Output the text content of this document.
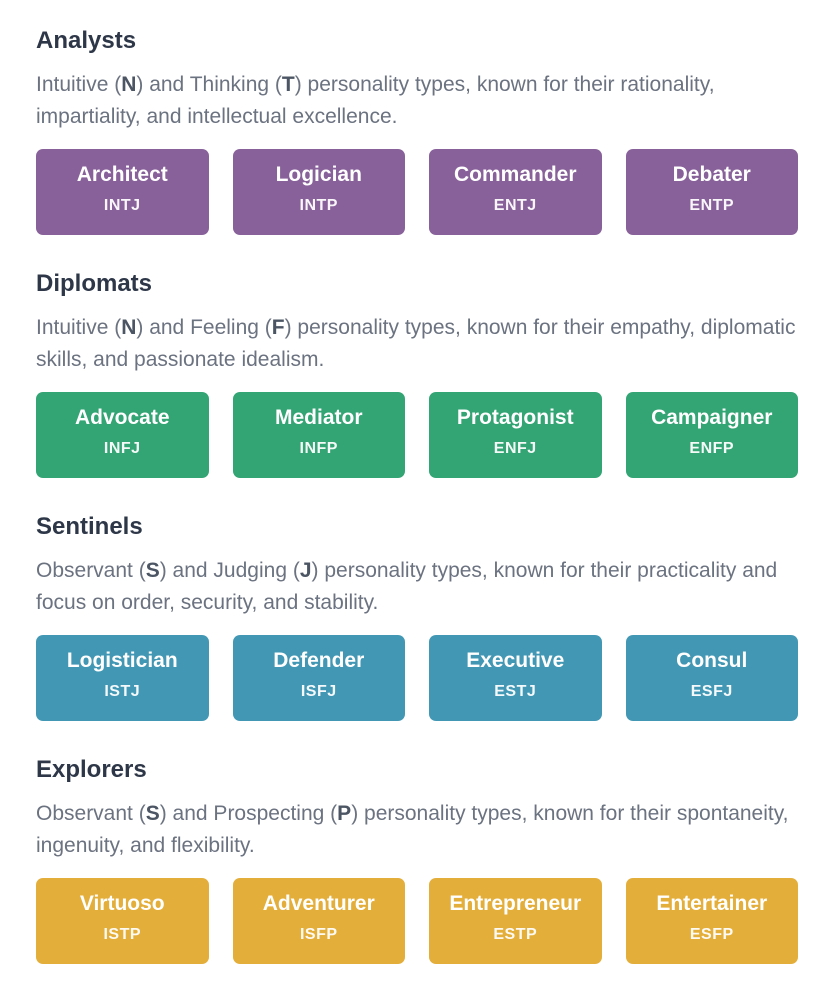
Analysts

Intuitive (N) and Thinking (T) personality types, known for their rationality, impartiality, and intellectual excellence.

Architect
INTJ
Logician
INTP
Commander
ENTJ
Debater
ENTP
Diplomats

Intuitive (N) and Feeling (F) personality types, known for their empathy, diplomatic skills, and passionate idealism.

Advocate
INFJ
Mediator
INFP
Protagonist
ENFJ
Campaigner
ENFP
Sentinels

Observant (S) and Judging (J) personality types, known for their practicality and focus on order, security, and stability.

Logistician
ISTJ
Defender
ISFJ
Executive
ESTJ
Consul
ESFJ
Explorers

Observant (S) and Prospecting (P) personality types, known for their spontaneity, ingenuity, and flexibility.

Virtuoso
ISTP
Adventurer
ISFP
Entrepreneur
ESTP
Entertainer
ESFP
